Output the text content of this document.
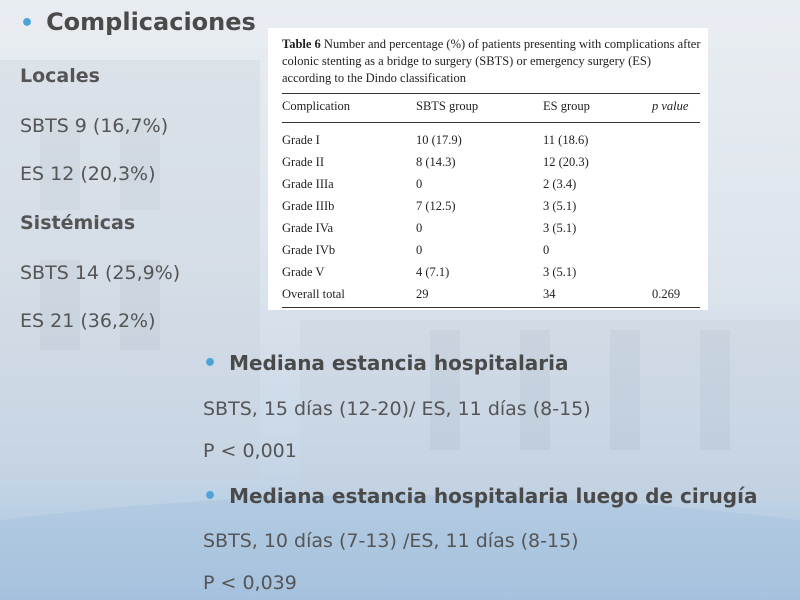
• Complicaciones
Locales
SBTS 9 (16,7%)
ES 12 (20,3%)
Sistémicas
SBTS 14 (25,9%)
ES 21 (36,2%)
Table 6 Number and percentage (%) of patients presenting with complications after colonic stenting as a bridge to surgery (SBTS) or emergency surgery (ES) according to the Dindo classification
Complication	SBTS group	ES group	p value
Grade I	10 (17.9)	11 (18.6)
Grade II	8 (14.3)	12 (20.3)
Grade IIIa	0	2 (3.4)
Grade IIIb	7 (12.5)	3 (5.1)
Grade IVa	0	3 (5.1)
Grade IVb	0	0
Grade V	4 (7.1)	3 (5.1)
Overall total	29	34	0.269
• Mediana estancia hospitalaria
SBTS, 15 días (12-20)/ ES, 11 días (8-15)
P < 0,001
• Mediana estancia hospitalaria luego de cirugía
SBTS, 10 días (7-13) /ES, 11 días (8-15)
P < 0,039
